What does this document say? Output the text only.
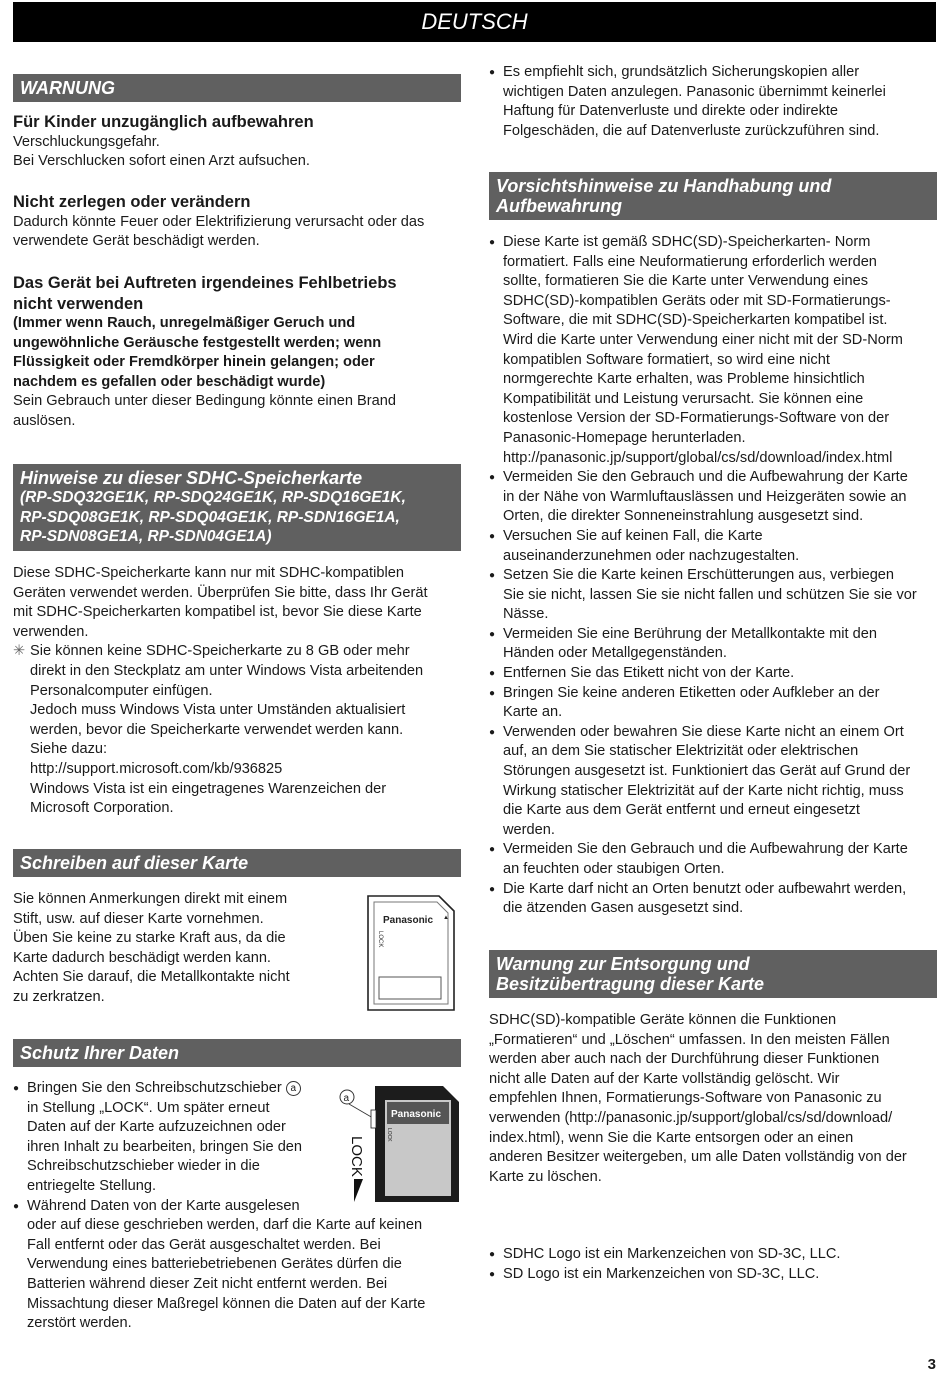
DEUTSCH
WARNUNG

Für Kinder unzugänglich aufbewahren

Verschluckungsgefahr.

Bei Verschlucken sofort einen Arzt aufsuchen.

Nicht zerlegen oder verändern

Dadurch könnte Feuer oder Elektrifizierung verursacht oder das

verwendete Gerät beschädigt werden.

Das Gerät bei Auftreten irgendeines Fehlbetriebs

nicht verwenden

(Immer wenn Rauch, unregelmäßiger Geruch und

ungewöhnliche Geräusche festgestellt werden; wenn

Flüssigkeit oder Fremdkörper hinein gelangen; oder

nachdem es gefallen oder beschädigt wurde)

Sein Gebrauch unter dieser Bedingung könnte einen Brand

auslösen.

Hinweise zu dieser SDHC-Speicherkarte
(RP-SDQ32GE1K, RP-SDQ24GE1K, RP-SDQ16GE1K,
RP-SDQ08GE1K, RP-SDQ04GE1K, RP-SDN16GE1A,
RP-SDN08GE1A, RP-SDN04GE1A)

Diese SDHC-Speicherkarte kann nur mit SDHC-kompatiblen

Geräten verwendet werden. Überprüfen Sie bitte, dass Ihr Gerät

mit SDHC-Speicherkarten kompatibel ist, bevor Sie diese Karte

verwenden.

✳ Sie können keine SDHC-Speicherkarte zu 8 GB oder mehr

direkt in den Steckplatz am unter Windows Vista arbeitenden

Personalcomputer einfügen.

Jedoch muss Windows Vista unter Umständen aktualisiert

werden, bevor die Speicherkarte verwendet werden kann.

Siehe dazu:

http://support.microsoft.com/kb/936825

Windows Vista ist ein eingetragenes Warenzeichen der

Microsoft Corporation.

Schreiben auf dieser Karte

Sie können Anmerkungen direkt mit einem

Stift, usw. auf dieser Karte vornehmen.

Üben Sie keine zu starke Kraft aus, da die

Karte dadurch beschädigt werden kann.

Achten Sie darauf, die Metallkontakte nicht

zu zerkratzen.

Panasonic ▲
LOCK
Schutz Ihrer Daten

● Bringen Sie den Schreibschutzschieber a

in Stellung „LOCK“. Um später erneut

Daten auf der Karte aufzuzeichnen oder

ihren Inhalt zu bearbeiten, bringen Sie den

Schreibschutzschieber wieder in die

entriegelte Stellung.

● Während Daten von der Karte ausgelesen

oder auf diese geschrieben werden, darf die Karte auf keinen

Fall entfernt oder das Gerät ausgeschaltet werden. Bei

Verwendung eines batteriebetriebenen Gerätes dürfen die

Batterien während dieser Zeit nicht entfernt werden. Bei

Missachtung dieser Maßregel können die Daten auf der Karte

zerstört werden.

a
Panasonic
LOCK
LOCK

● Es empfiehlt sich, grundsätzlich Sicherungskopien aller

wichtigen Daten anzulegen. Panasonic übernimmt keinerlei

Haftung für Datenverluste und direkte oder indirekte

Folgeschäden, die auf Datenverluste zurückzuführen sind.

Vorsichtshinweise zu Handhabung und
Aufbewahrung

● Diese Karte ist gemäß SDHC(SD)-Speicherkarten- Norm

formatiert. Falls eine Neuformatierung erforderlich werden

sollte, formatieren Sie die Karte unter Verwendung eines

SDHC(SD)-kompatiblen Geräts oder mit SD-Formatierungs-

Software, die mit SDHC(SD)-Speicherkarten kompatibel ist.

Wird die Karte unter Verwendung einer nicht mit der SD-Norm

kompatiblen Software formatiert, so wird eine nicht

normgerechte Karte erhalten, was Probleme hinsichtlich

Kompatibilität und Leistung verursacht. Sie können eine

kostenlose Version der SD-Formatierungs-Software von der

Panasonic-Homepage herunterladen.

http://panasonic.jp/support/global/cs/sd/download/index.html

● Vermeiden Sie den Gebrauch und die Aufbewahrung der Karte

in der Nähe von Warmluftauslässen und Heizgeräten sowie an

Orten, die direkter Sonneneinstrahlung ausgesetzt sind.

● Versuchen Sie auf keinen Fall, die Karte

auseinanderzunehmen oder nachzugestalten.

● Setzen Sie die Karte keinen Erschütterungen aus, verbiegen

Sie sie nicht, lassen Sie sie nicht fallen und schützen Sie sie vor

Nässe.

● Vermeiden Sie eine Berührung der Metallkontakte mit den

Händen oder Metallgegenständen.

● Entfernen Sie das Etikett nicht von der Karte.

● Bringen Sie keine anderen Etiketten oder Aufkleber an der

Karte an.

● Verwenden oder bewahren Sie diese Karte nicht an einem Ort

auf, an dem Sie statischer Elektrizität oder elektrischen

Störungen ausgesetzt ist. Funktioniert das Gerät auf Grund der

Wirkung statischer Elektrizität auf der Karte nicht richtig, muss

die Karte aus dem Gerät entfernt und erneut eingesetzt

werden.

● Vermeiden Sie den Gebrauch und die Aufbewahrung der Karte

an feuchten oder staubigen Orten.

● Die Karte darf nicht an Orten benutzt oder aufbewahrt werden,

die ätzenden Gasen ausgesetzt sind.

Warnung zur Entsorgung und
Besitzübertragung dieser Karte

SDHC(SD)-kompatible Geräte können die Funktionen

„Formatieren“ und „Löschen“ umfassen. In den meisten Fällen

werden aber auch nach der Durchführung dieser Funktionen

nicht alle Daten auf der Karte vollständig gelöscht. Wir

empfehlen Ihnen, Formatierungs-Software von Panasonic zu

verwenden (http://panasonic.jp/support/global/cs/sd/download/

index.html), wenn Sie die Karte entsorgen oder an einen

anderen Besitzer weitergeben, um alle Daten vollständig von der

Karte zu löschen.

● SDHC Logo ist ein Markenzeichen von SD-3C, LLC.
● SD Logo ist ein Markenzeichen von SD-3C, LLC.
3
